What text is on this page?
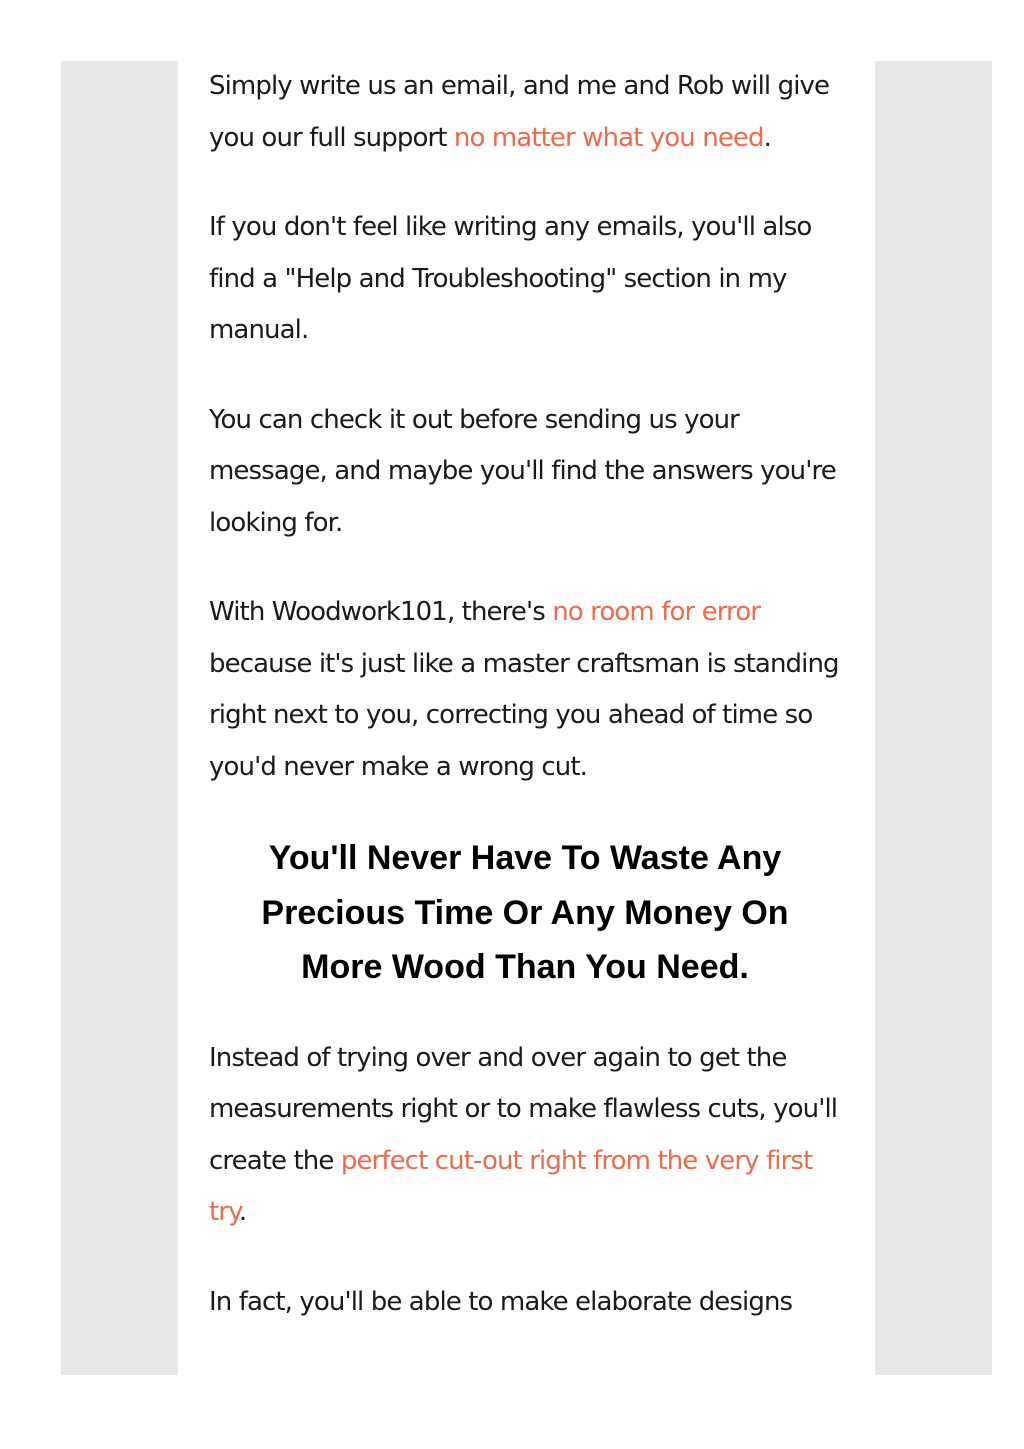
Simply write us an email, and me and Rob will give you our full support no matter what you need.

If you don't feel like writing any emails, you'll also find a "Help and Troubleshooting" section in my manual.

You can check it out before sending us your message, and maybe you'll find the answers you're looking for.

With Woodwork101, there's no room for error because it's just like a master craftsman is standing right next to you, correcting you ahead of time so you'd never make a wrong cut.

You'll Never Have To Waste Any
Precious Time Or Any Money On
More Wood Than You Need.

Instead of trying over and over again to get the measurements right or to make flawless cuts, you'll create the perfect cut-out right from the very first try.

In fact, you'll be able to make elaborate designs
